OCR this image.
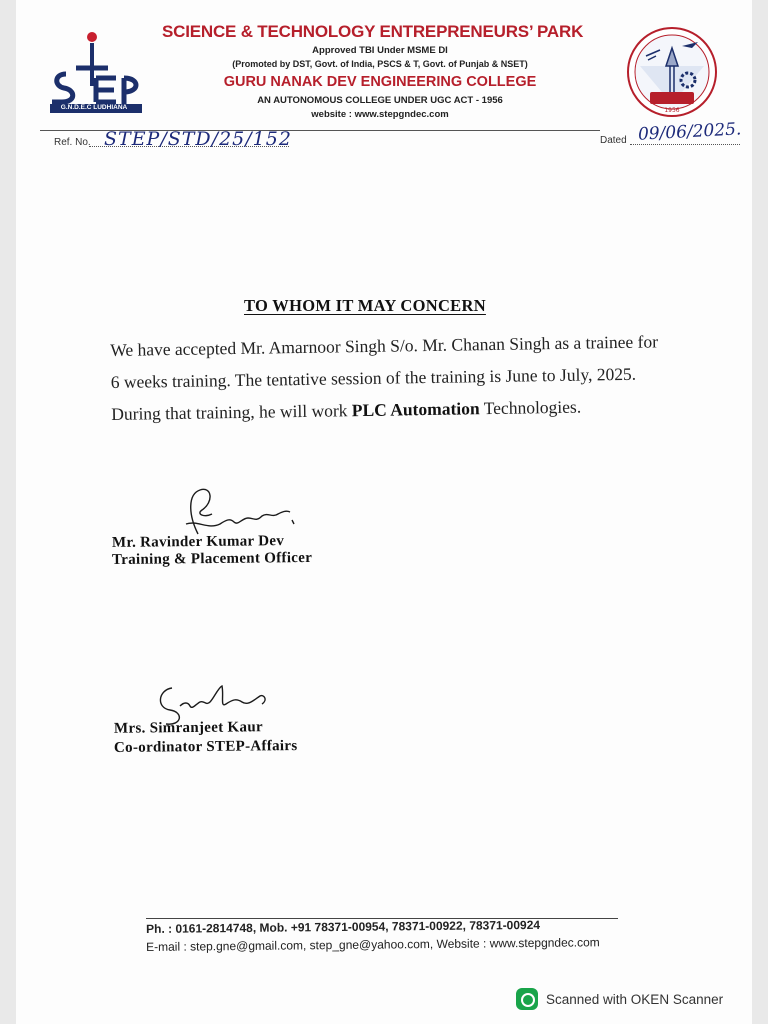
G.N.D.E.C LUDHIANA
SCIENCE & TECHNOLOGY ENTREPRENEURS’ PARK
Approved TBI Under MSME DI
(Promoted by DST, Govt. of India, PSCS & T, Govt. of Punjab & NSET)
GURU NANAK DEV ENGINEERING COLLEGE
AN AUTONOMOUS COLLEGE UNDER UGC ACT - 1956
website : www.stepgndec.com	1956
Ref. No. STEP/STD/25/152	Dated 09/06/2025.
TO WHOM IT MAY CONCERN
We have accepted Mr. Amarnoor Singh S/o. Mr. Chanan Singh as a trainee for 6 weeks training. The tentative session of the training is June to July, 2025. During that training, he will work PLC Automation Technologies.
Mr. Ravinder Kumar Dev
Training & Placement Officer
Mrs. Simranjeet Kaur
Co-ordinator STEP-Affairs
Ph. : 0161-2814748, Mob. +91 78371-00954, 78371-00922, 78371-00924
E-mail : step.gne@gmail.com, step_gne@yahoo.com, Website : www.stepgndec.com
Scanned with OKEN Scanner
